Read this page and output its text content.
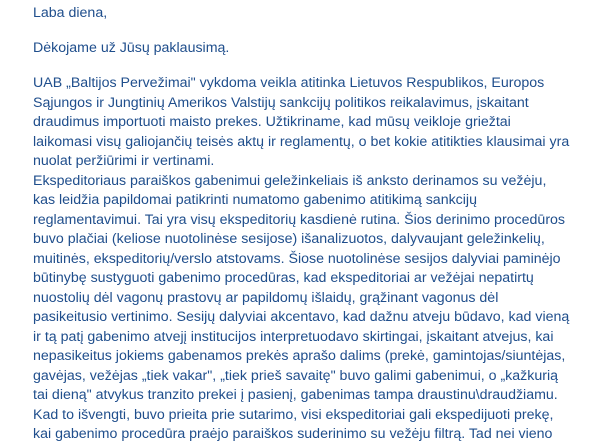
Laba diena,
Dėkojame už Jūsų paklausimą.
UAB „Baltijos Pervežimai" vykdoma veikla atitinka Lietuvos Respublikos, Europos
Sąjungos ir Jungtinių Amerikos Valstijų sankcijų politikos reikalavimus, įskaitant
draudimus importuoti maisto prekes. Užtikriname, kad mūsų veikloje griežtai
laikomasi visų galiojančių teisės aktų ir reglamentų, o bet kokie atitikties klausimai yra
nuolat peržiūrimi ir vertinami.
Ekspeditoriaus paraiškos gabenimui geležinkeliais iš anksto derinamos su vežėju,
kas leidžia papildomai patikrinti numatomo gabenimo atitikimą sankcijų
reglamentavimui. Tai yra visų ekspeditorių kasdienė rutina. Šios derinimo procedūros
buvo plačiai (keliose nuotolinėse sesijose) išanalizuotos, dalyvaujant geležinkelių,
muitinės, ekspeditorių/verslo atstovams. Šiose nuotolinėse sesijos dalyviai paminėjo
būtinybę sustyguoti gabenimo procedūras, kad ekspeditoriai ar vežėjai nepatirtų
nuostolių dėl vagonų prastovų ar papildomų išlaidų, grąžinant vagonus dėl
pasikeitusio vertinimo. Sesijų dalyviai akcentavo, kad dažnu atveju būdavo, kad vieną
ir tą patį gabenimo atvejį institucijos interpretuodavo skirtingai, įskaitant atvejus, kai
nepasikeitus jokiems gabenamos prekės aprašo dalims (prekė, gamintojas/siuntėjas,
gavėjas, vežėjas „tiek vakar", „tiek prieš savaitę" buvo galimi gabenimui, o „kažkurią
tai dieną" atvykus tranzito prekei į pasienį, gabenimas tampa draustinu\draudžiamu.
Kad to išvengti, buvo prieita prie sutarimo, visi ekspeditoriai gali ekspedijuoti prekę,
kai gabenimo procedūra praėjo paraiškos suderinimo su vežėju filtrą. Tad nei vieno
